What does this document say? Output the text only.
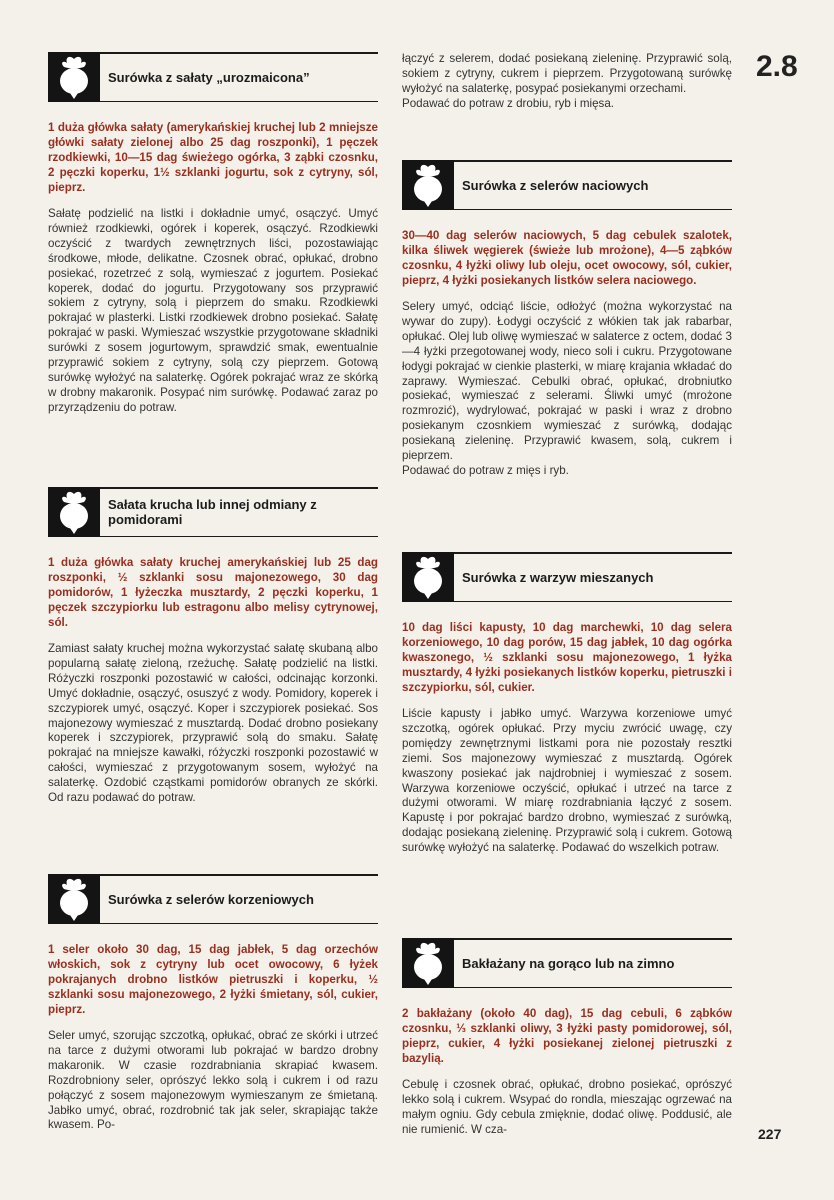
2.8
227
Surówka z sałaty „urozmaicona”
1 duża główka sałaty (amerykańskiej kruchej lub 2 mniejsze główki sałaty zielonej albo 25 dag roszponki), 1 pęczek rzodkiewki, 10—15 dag świeżego ogórka, 3 ząbki czosnku, 2 pęczki koperku, 1½ szklanki jogurtu, sok z cytryny, sól, pieprz.
Sałatę podzielić na listki i dokładnie umyć, osączyć. Umyć również rzodkiewki, ogórek i koperek, osączyć. Rzodkiewki oczyścić z twardych zewnętrznych liści, pozostawiając środkowe, młode, delikatne. Czosnek obrać, opłukać, drobno posiekać, rozetrzeć z solą, wymieszać z jogurtem. Posiekać koperek, dodać do jogurtu. Przygotowany sos przyprawić sokiem z cytryny, solą i pieprzem do smaku. Rzodkiewki pokrajać w plasterki. Listki rzodkiewek drobno posiekać. Sałatę pokrajać w paski. Wymieszać wszystkie przygotowane składniki surówki z sosem jogurtowym, sprawdzić smak, ewentualnie przyprawić sokiem z cytryny, solą czy pieprzem. Gotową surówkę wyłożyć na salaterkę. Ogórek pokrajać wraz ze skórką w drobny makaronik. Posypać nim surówkę. Podawać zaraz po przyrządzeniu do potraw.
Sałata krucha lub innej odmiany z pomidorami
1 duża główka sałaty kruchej amerykańskiej lub 25 dag roszponki, ½ szklanki sosu majonezowego, 30 dag pomidorów, 1 łyżeczka musztardy, 2 pęczki koperku, 1 pęczek szczypiorku lub estragonu albo melisy cytrynowej, sól.
Zamiast sałaty kruchej można wykorzystać sałatę skubaną albo popularną sałatę zieloną, rzeżuchę. Sałatę podzielić na listki. Różyczki roszponki pozostawić w całości, odcinając korzonki. Umyć dokładnie, osączyć, osuszyć z wody. Pomidory, koperek i szczypiorek umyć, osączyć. Koper i szczypiorek posiekać. Sos majonezowy wymieszać z musztardą. Dodać drobno posiekany koperek i szczypiorek, przyprawić solą do smaku. Sałatę pokrajać na mniejsze kawałki, różyczki roszponki pozostawić w całości, wymieszać z przygotowanym sosem, wyłożyć na salaterkę. Ozdobić cząstkami pomidorów obranych ze skórki. Od razu podawać do potraw.
Surówka z selerów korzeniowych
1 seler około 30 dag, 15 dag jabłek, 5 dag orzechów włoskich, sok z cytryny lub ocet owocowy, 6 łyżek pokrajanych drobno listków pietruszki i koperku, ½ szklanki sosu majonezowego, 2 łyżki śmietany, sól, cukier, pieprz.
Seler umyć, szorując szczotką, opłukać, obrać ze skórki i utrzeć na tarce z dużymi otworami lub pokrajać w bardzo drobny makaronik. W czasie rozdrabniania skrapiać kwasem. Rozdrobniony seler, oprószyć lekko solą i cukrem i od razu połączyć z sosem majonezowym wymieszanym ze śmietaną. Jabłko umyć, obrać, rozdrobnić tak jak seler, skrapiając także kwasem. Po-
łączyć z selerem, dodać posiekaną zieleninę. Przyprawić solą, sokiem z cytryny, cukrem i pieprzem. Przygotowaną surówkę wyłożyć na salaterkę, posypać posiekanymi orzechami.
Podawać do potraw z drobiu, ryb i mięsa.
Surówka z selerów naciowych
30—40 dag selerów naciowych, 5 dag cebulek szalotek, kilka śliwek węgierek (świeże lub mrożone), 4—5 ząbków czosnku, 4 łyżki oliwy lub oleju, ocet owocowy, sól, cukier, pieprz, 4 łyżki posiekanych listków selera naciowego.
Selery umyć, odciąć liście, odłożyć (można wykorzystać na wywar do zupy). Łodygi oczyścić z włókien tak jak rabarbar, opłukać. Olej lub oliwę wymieszać w salaterce z octem, dodać 3—4 łyżki przegotowanej wody, nieco soli i cukru. Przygotowane łodygi pokrajać w cienkie plasterki, w miarę krajania wkładać do zaprawy. Wymieszać. Cebulki obrać, opłukać, drobniutko posiekać, wymieszać z selerami. Śliwki umyć (mrożone rozmrozić), wydrylować, pokrajać w paski i wraz z drobno posiekanym czosnkiem wymieszać z surówką, dodając posiekaną zieleninę. Przyprawić kwasem, solą, cukrem i pieprzem.
Podawać do potraw z mięs i ryb.
Surówka z warzyw mieszanych
10 dag liści kapusty, 10 dag marchewki, 10 dag selera korzeniowego, 10 dag porów, 15 dag jabłek, 10 dag ogórka kwaszonego, ½ szklanki sosu majonezowego, 1 łyżka musztardy, 4 łyżki posiekanych listków koperku, pietruszki i szczypiorku, sól, cukier.
Liście kapusty i jabłko umyć. Warzywa korzeniowe umyć szczotką, ogórek opłukać. Przy myciu zwrócić uwagę, czy pomiędzy zewnętrznymi listkami pora nie pozostały resztki ziemi. Sos majonezowy wymieszać z musztardą. Ogórek kwaszony posiekać jak najdrobniej i wymieszać z sosem. Warzywa korzeniowe oczyścić, opłukać i utrzeć na tarce z dużymi otworami. W miarę rozdrabniania łączyć z sosem. Kapustę i por pokrajać bardzo drobno, wymieszać z surówką, dodając posiekaną zieleninę. Przyprawić solą i cukrem. Gotową surówkę wyłożyć na salaterkę. Podawać do wszelkich potraw.
Bakłażany na gorąco lub na zimno
2 bakłażany (około 40 dag), 15 dag cebuli, 6 ząbków czosnku, ⅓ szklanki oliwy, 3 łyżki pasty pomidorowej, sól, pieprz, cukier, 4 łyżki posiekanej zielonej pietruszki z bazylią.
Cebulę i czosnek obrać, opłukać, drobno posiekać, oprószyć lekko solą i cukrem. Wsypać do rondla, mieszając ogrzewać na małym ogniu. Gdy cebula zmięknie, dodać oliwę. Poddusić, ale nie rumienić. W cza-
